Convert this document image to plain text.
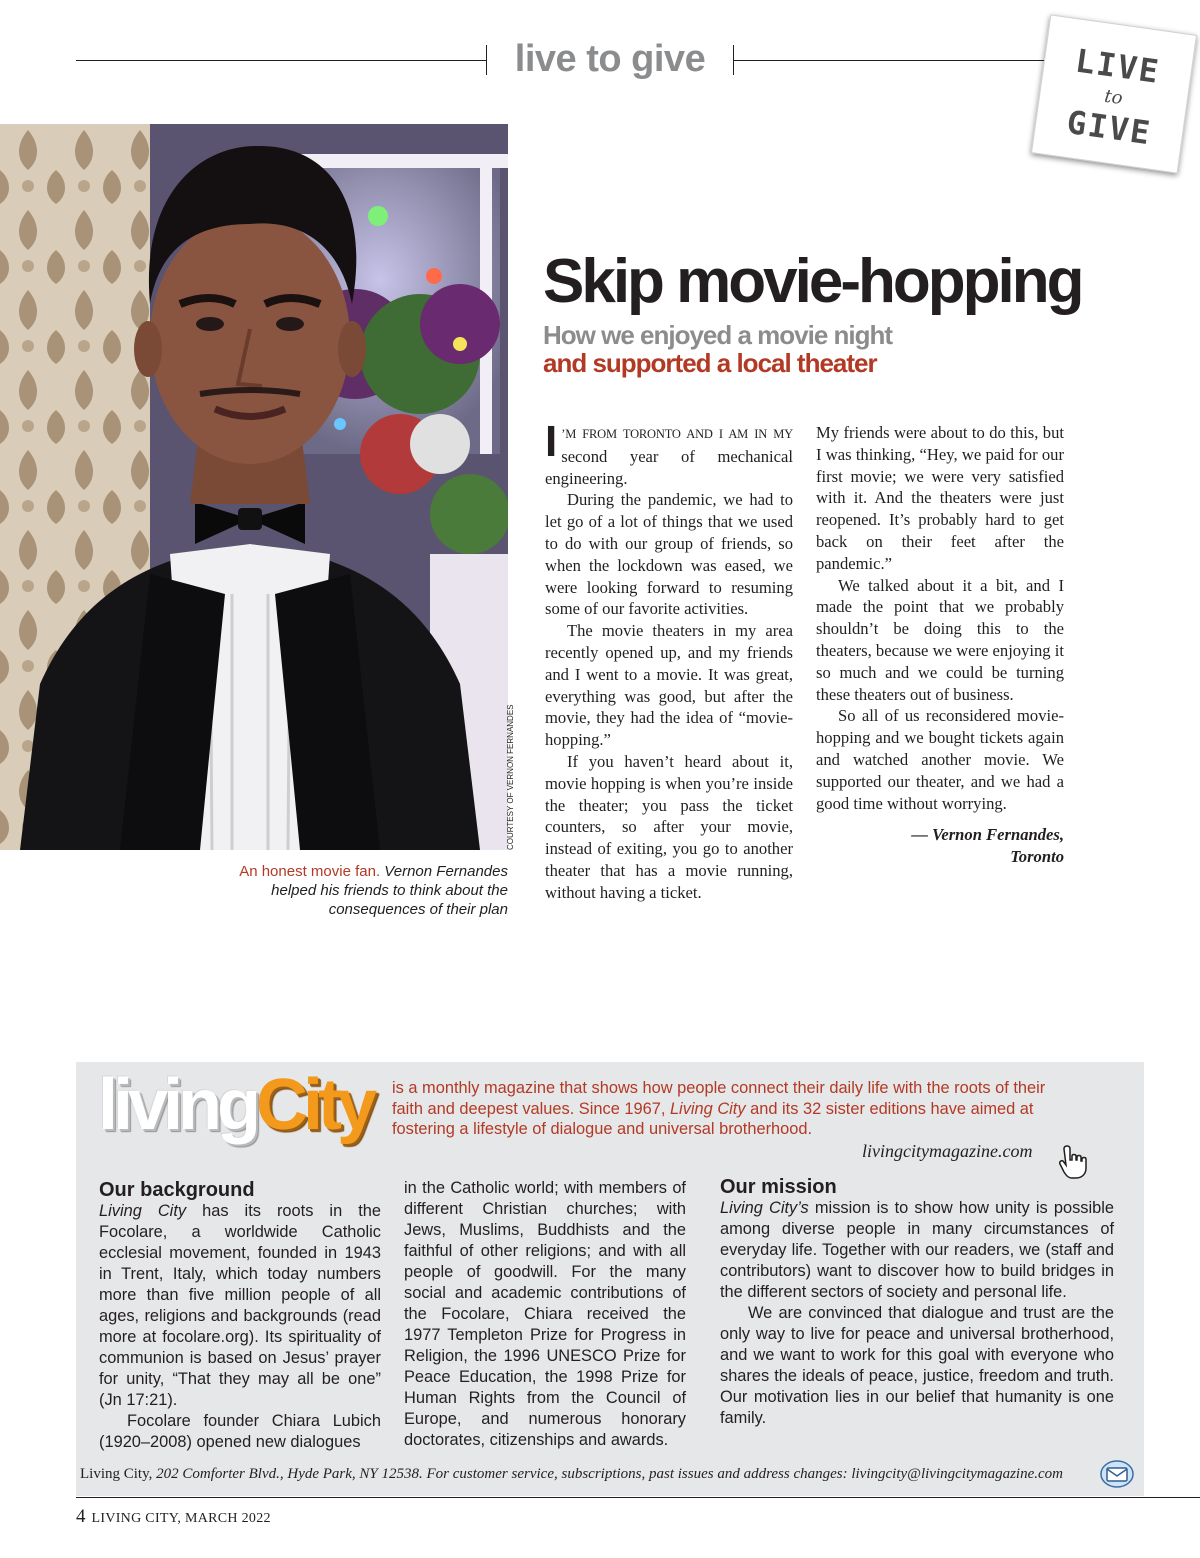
live to give	LIVE
to
GIVE
COURTESY OF VERNON FERNANDES
An honest movie fan. Vernon Fernandes helped his friends to think about the consequences of their plan
Skip movie-hopping
How we enjoyed a movie night
and supported a local theater

I ’M FROM TORONTO AND I AM IN MY second year of mechanical engineering.

During the pandemic, we had to let go of a lot of things that we used to do with our group of friends, so when the lockdown was eased, we were looking forward to resuming some of our favorite activities.

The movie theaters in my area recently opened up, and my friends and I went to a movie. It was great, everything was good, but after the movie, they had the idea of “movie-hopping.”

If you haven’t heard about it, movie hopping is when you’re inside the theater; you pass the ticket counters, so after your movie, instead of exiting, you go to another theater that has a movie running, without having a ticket.

My friends were about to do this, but I was thinking, “Hey, we paid for our first movie; we were very satisfied with it. And the theaters were just reopened. It’s probably hard to get back on their feet after the pandemic.”

We talked about it a bit, and I made the point that we probably shouldn’t be doing this to the theaters, because we were enjoying it so much and we could be turning these theaters out of business.

So all of us reconsidered movie-hopping and we bought tickets again and watched another movie. We supported our theater, and we had a good time without worrying.

— Vernon Fernandes,
Toronto
livingCity is a monthly magazine that shows how people connect their daily life with the roots of their faith and deepest values. Since 1967, Living City and its 32 sister editions have aimed at fostering a lifestyle of dialogue and universal brotherhood.
livingcitymagazine.com
Our background

Living City has its roots in the Focolare, a worldwide Catholic ecclesial movement, founded in 1943 in Trent, Italy, which today numbers more than five million people of all ages, religions and backgrounds (read more at focolare.org). Its spirituality of communion is based on Jesus’ prayer for unity, “That they may all be one” (Jn 17:21).

Focolare founder Chiara Lubich (1920–2008) opened new dialogues

in the Catholic world; with members of different Christian churches; with Jews, Muslims, Buddhists and the faithful of other religions; and with all people of goodwill. For the many social and academic contributions of the Focolare, Chiara received the 1977 Templeton Prize for Progress in Religion, the 1996 UNESCO Prize for Peace Education, the 1998 Prize for Human Rights from the Council of Europe, and numerous honorary doctorates, citizenships and awards.

Our mission

Living City’s mission is to show how unity is possible among diverse people in many circumstances of everyday life. Together with our readers, we (staff and contributors) want to discover how to build bridges in the different sectors of society and personal life.

We are convinced that dialogue and trust are the only way to live for peace and universal brotherhood, and we want to work for this goal with everyone who shares the ideals of peace, justice, freedom and truth. Our motivation lies in our belief that humanity is one family.

Living City, 202 Comforter Blvd., Hyde Park, NY 12538. For customer service, subscriptions, past issues and address changes: livingcity@livingcitymagazine.com
4 LIVING CITY, MARCH 2022
